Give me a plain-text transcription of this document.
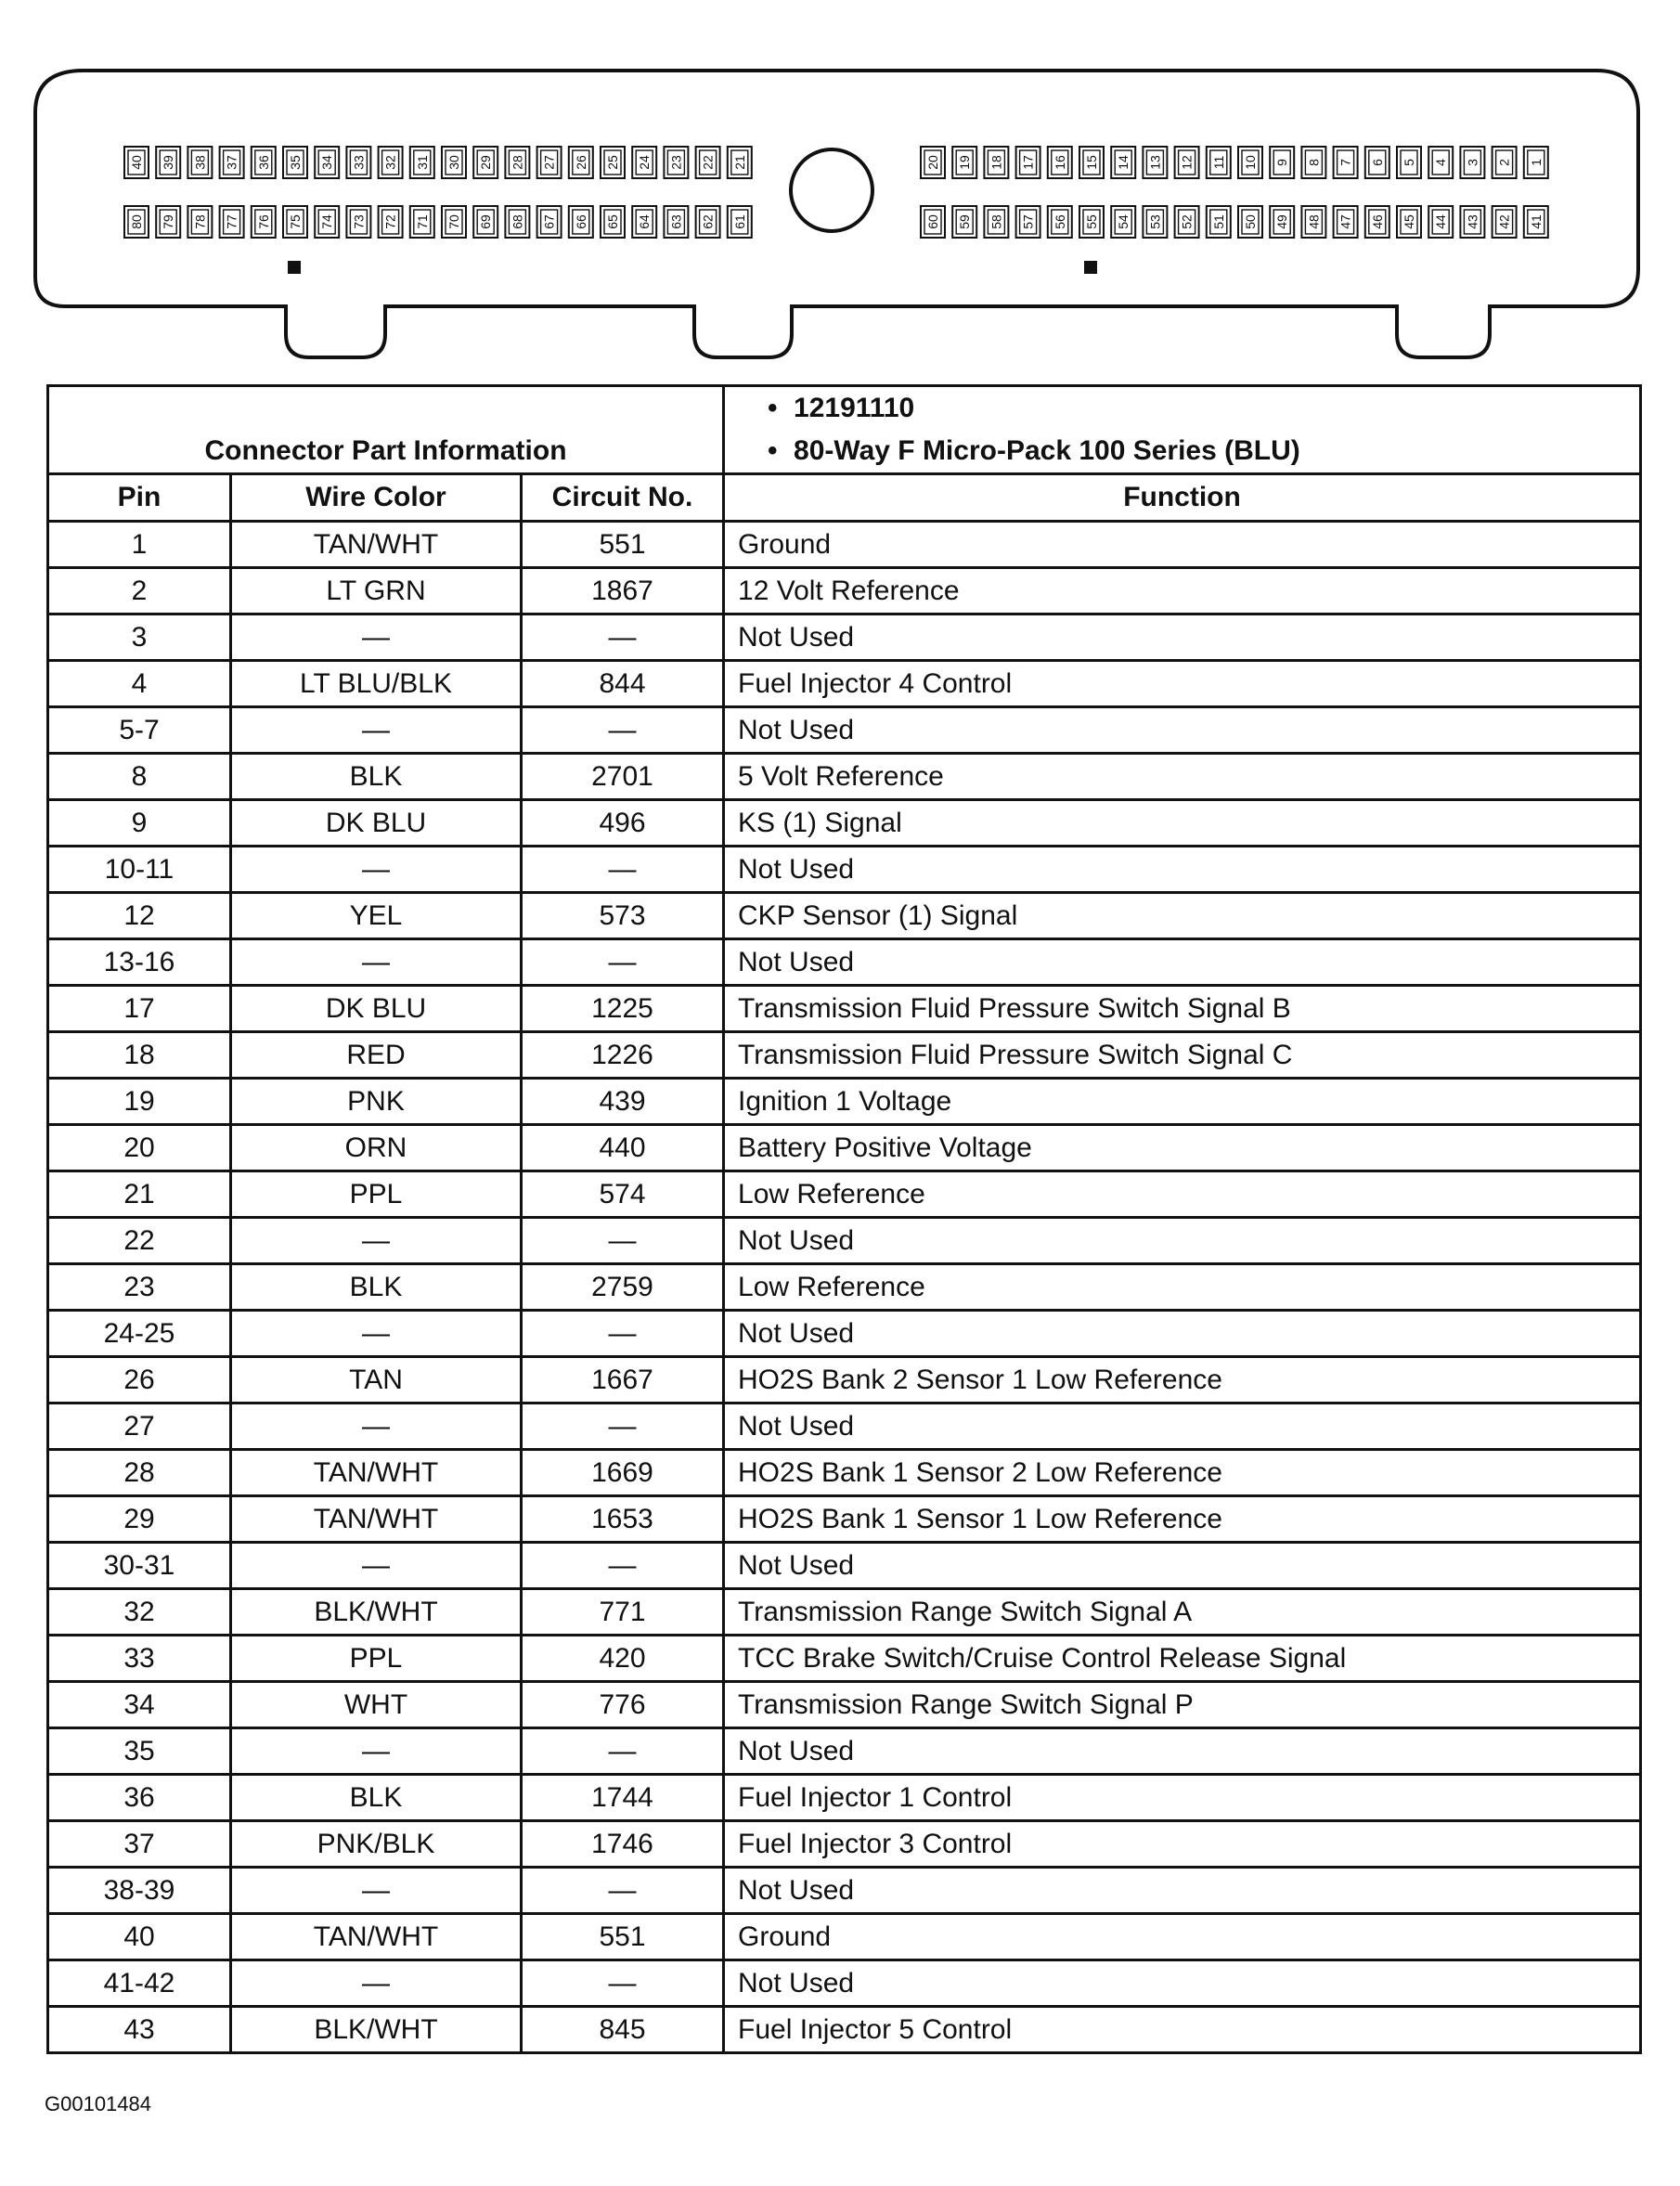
40 39 38 37 36 35 34 33 32 31 30 29 28 27 26 25 24 23 22 21
80 79 78 77 76 75 74 73 72 71 70 69 68 67 66 65 64 63 62 61
20 19 18 17 16 15 14 13 12 11 10 9 8 7 6 5 4 3 2 1
60 59 58 57 56 55 54 53 52 51 50 49 48 47 46 45 44 43 42 41
Connector Part Information			• 12191110
• 80-Way F Micro-Pack 100 Series (BLU)

Pin	Wire Color	Circuit No.	Function
1	TAN/WHT	551	Ground
2	LT GRN	1867	12 Volt Reference
3	—	—	Not Used
4	LT BLU/BLK	844	Fuel Injector 4 Control
5-7	—	—	Not Used
8	BLK	2701	5 Volt Reference
9	DK BLU	496	KS (1) Signal
10-11	—	—	Not Used
12	YEL	573	CKP Sensor (1) Signal
13-16	—	—	Not Used
17	DK BLU	1225	Transmission Fluid Pressure Switch Signal B
18	RED	1226	Transmission Fluid Pressure Switch Signal C
19	PNK	439	Ignition 1 Voltage
20	ORN	440	Battery Positive Voltage
21	PPL	574	Low Reference
22	—	—	Not Used
23	BLK	2759	Low Reference
24-25	—	—	Not Used
26	TAN	1667	HO2S Bank 2 Sensor 1 Low Reference
27	—	—	Not Used
28	TAN/WHT	1669	HO2S Bank 1 Sensor 2 Low Reference
29	TAN/WHT	1653	HO2S Bank 1 Sensor 1 Low Reference
30-31	—	—	Not Used
32	BLK/WHT	771	Transmission Range Switch Signal A
33	PPL	420	TCC Brake Switch/Cruise Control Release Signal
34	WHT	776	Transmission Range Switch Signal P
35	—	—	Not Used
36	BLK	1744	Fuel Injector 1 Control
37	PNK/BLK	1746	Fuel Injector 3 Control
38-39	—	—	Not Used
40	TAN/WHT	551	Ground
41-42	—	—	Not Used
43	BLK/WHT	845	Fuel Injector 5 Control
G00101484
